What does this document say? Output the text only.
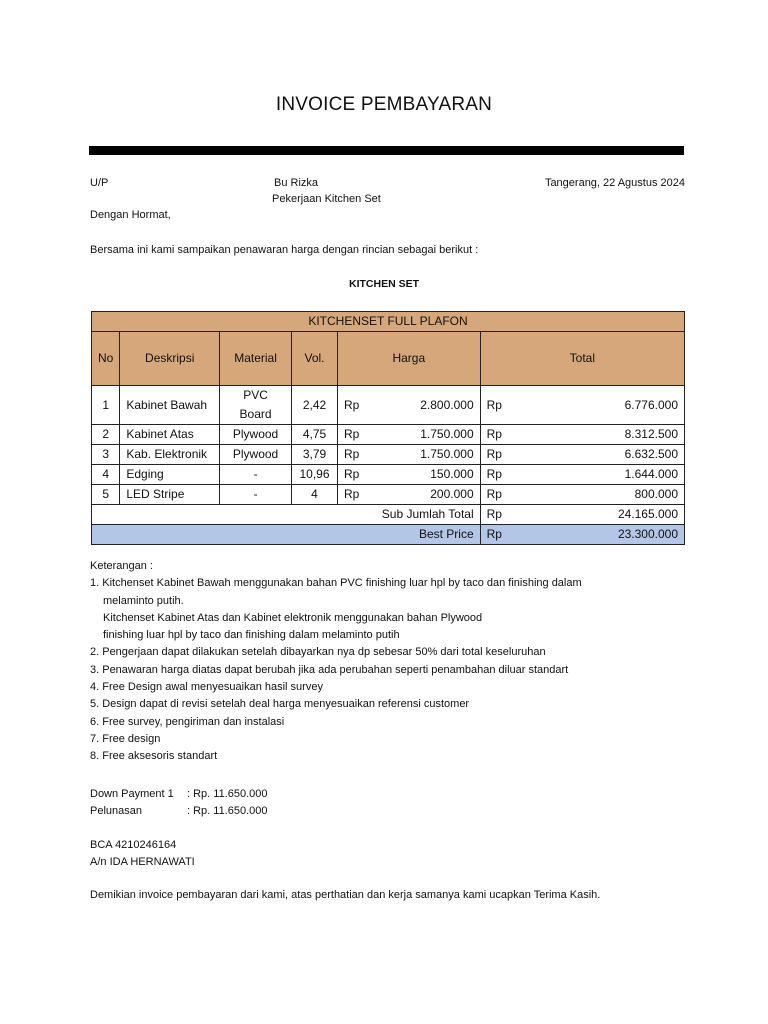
INVOICE PEMBAYARAN
U/P	Bu Rizka
Pekerjaan Kitchen Set
Tangerang, 22 Agustus 2024
Dengan Hormat,
Bersama ini kami sampaikan penawaran harga dengan rincian sebagai berikut :
KITCHEN SET
KITCHENSET FULL PLAFON							
No	Deskripsi	Material	Vol.	Harga		Total	
1	Kabinet Bawah	PVC Board	2,42	Rp	2.800.000	Rp	6.776.000
2	Kabinet Atas	Plywood	4,75	Rp	1.750.000	Rp	8.312.500
3	Kab. Elektronik	Plywood	3,79	Rp	1.750.000	Rp	6.632.500
4	Edging	-	10,96	Rp	150.000	Rp	1.644.000
5	LED Stripe	-	4	Rp	200.000	Rp	800.000
Sub Jumlah Total						Rp	24.165.000
Best Price						Rp	23.300.000
Keterangan :
1. Kitchenset Kabinet Bawah menggunakan bahan PVC finishing luar hpl by taco dan finishing dalam
melaminto putih.
Kitchenset Kabinet Atas dan Kabinet elektronik menggunakan bahan Plywood
finishing luar hpl by taco dan finishing dalam melaminto putih
2. Pengerjaan dapat dilakukan setelah dibayarkan nya dp sebesar 50% dari total keseluruhan
3. Penawaran harga diatas dapat berubah jika ada perubahan seperti penambahan diluar standart
4. Free Design awal menyesuaikan hasil survey
5. Design dapat di revisi setelah deal harga menyesuaikan referensi customer
6. Free survey, pengiriman dan instalasi
7. Free design
8. Free aksesoris standart
Down Payment 1 : Rp. 11.650.000
Pelunasan	: Rp. 11.650.000
BCA 4210246164
A/n IDA HERNAWATI
Demikian invoice pembayaran dari kami, atas perthatian dan kerja samanya kami ucapkan Terima Kasih.
